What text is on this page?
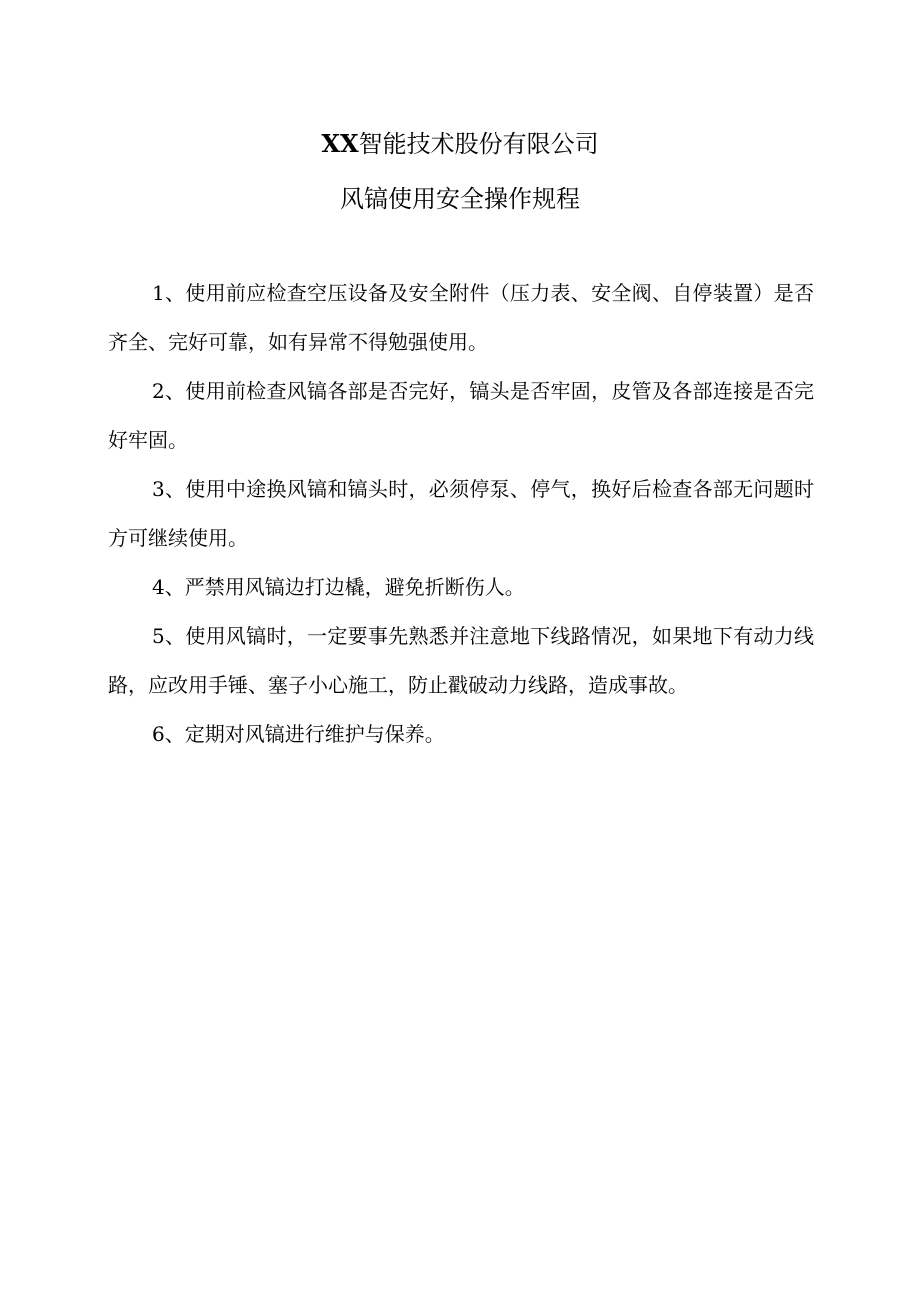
XX智能技术股份有限公司
风镐使用安全操作规程

1、使用前应检查空压设备及安全附件（压力表、安全阀、自停装置）是否齐全、完好可靠，如有异常不得勉强使用。

2、使用前检查风镐各部是否完好，镐头是否牢固，皮管及各部连接是否完好牢固。

3、使用中途换风镐和镐头时，必须停泵、停气，换好后检查各部无问题时方可继续使用。

4、严禁用风镐边打边橇，避免折断伤人。

5、使用风镐时，一定要事先熟悉并注意地下线路情况，如果地下有动力线路，应改用手锤、塞子小心施工，防止戳破动力线路，造成事故。

6、定期对风镐进行维护与保养。
